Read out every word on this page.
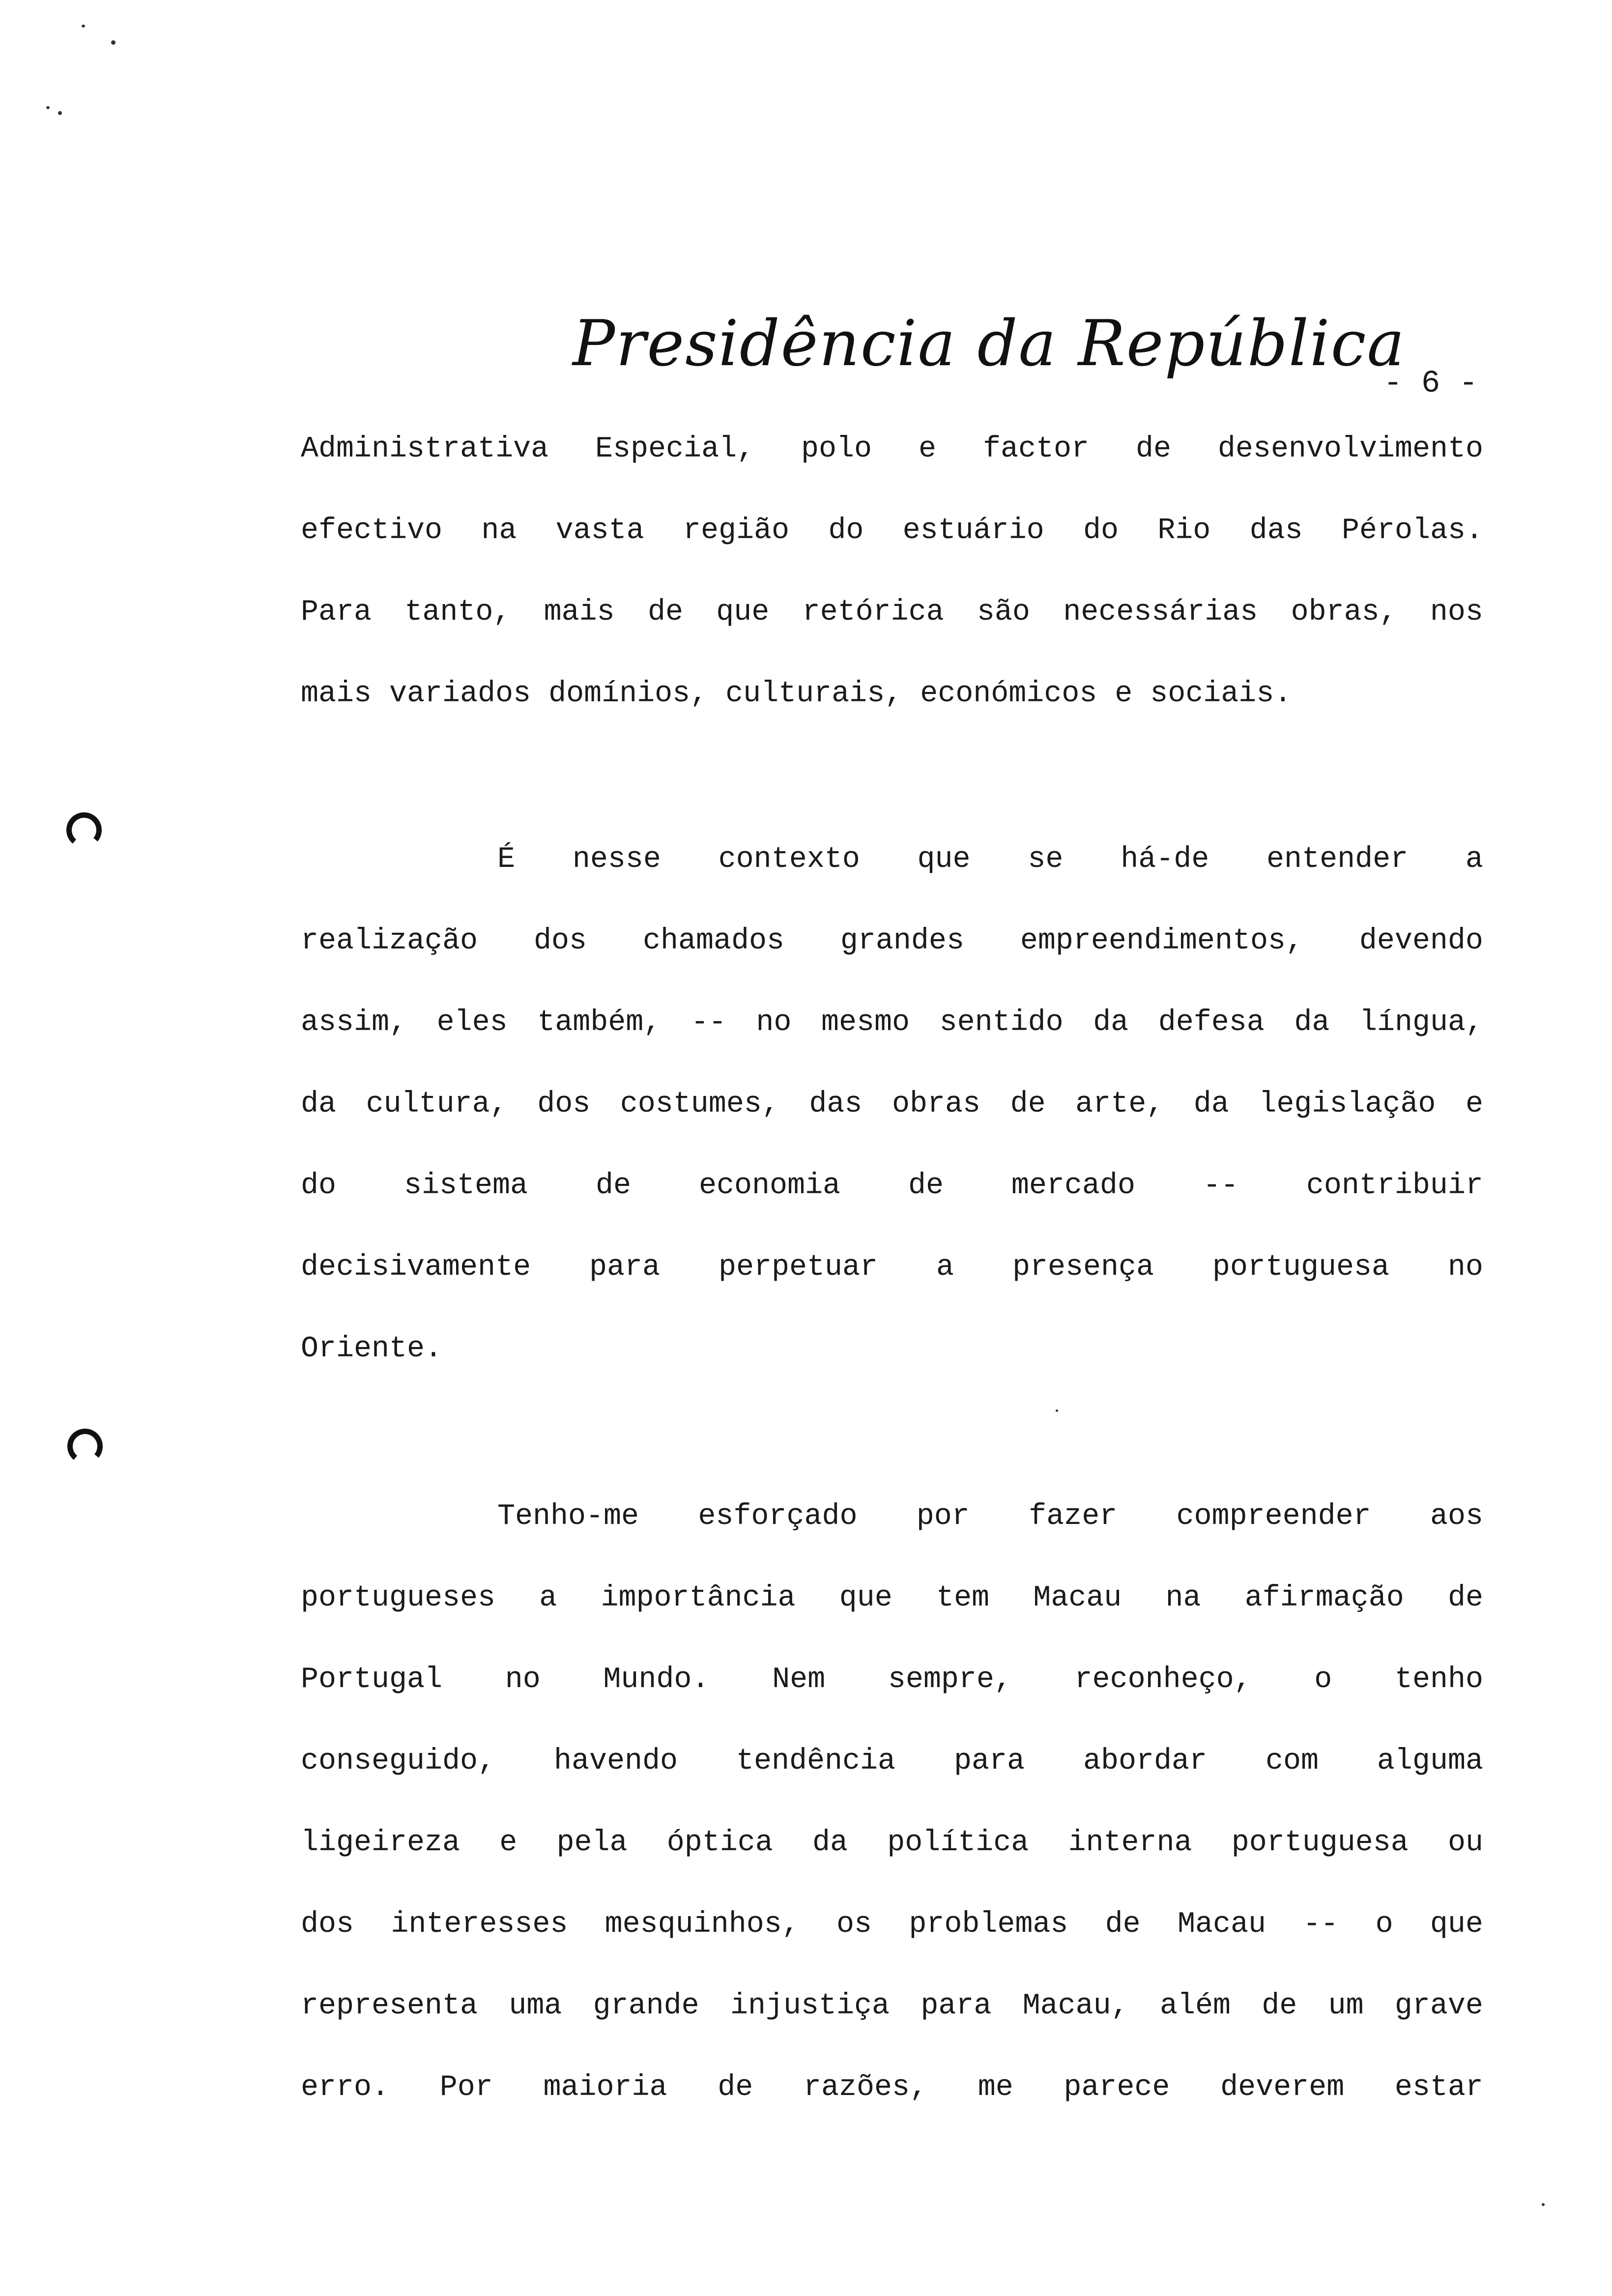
Presidência da República
- 6 -
Administrativa Especial, polo e factor de desenvolvimento
efectivo na vasta região do estuário do Rio das Pérolas.
Para tanto, mais de que retórica são necessárias obras, nos
mais variados domínios, culturais, económicos e sociais.
É nesse contexto que se há-de entender a
realização dos chamados grandes empreendimentos, devendo
assim, eles também, -- no mesmo sentido da defesa da língua,
da cultura, dos costumes, das obras de arte, da legislação e
do sistema de economia de mercado -- contribuir
decisivamente para perpetuar a presença portuguesa no
Oriente.
Tenho-me esforçado por fazer compreender aos
portugueses a importância que tem Macau na afirmação de
Portugal no Mundo. Nem sempre, reconheço, o tenho
conseguido, havendo tendência para abordar com alguma
ligeireza e pela óptica da política interna portuguesa ou
dos interesses mesquinhos, os problemas de Macau -- o que
representa uma grande injustiça para Macau, além de um grave
erro. Por maioria de razões, me parece deverem estar
